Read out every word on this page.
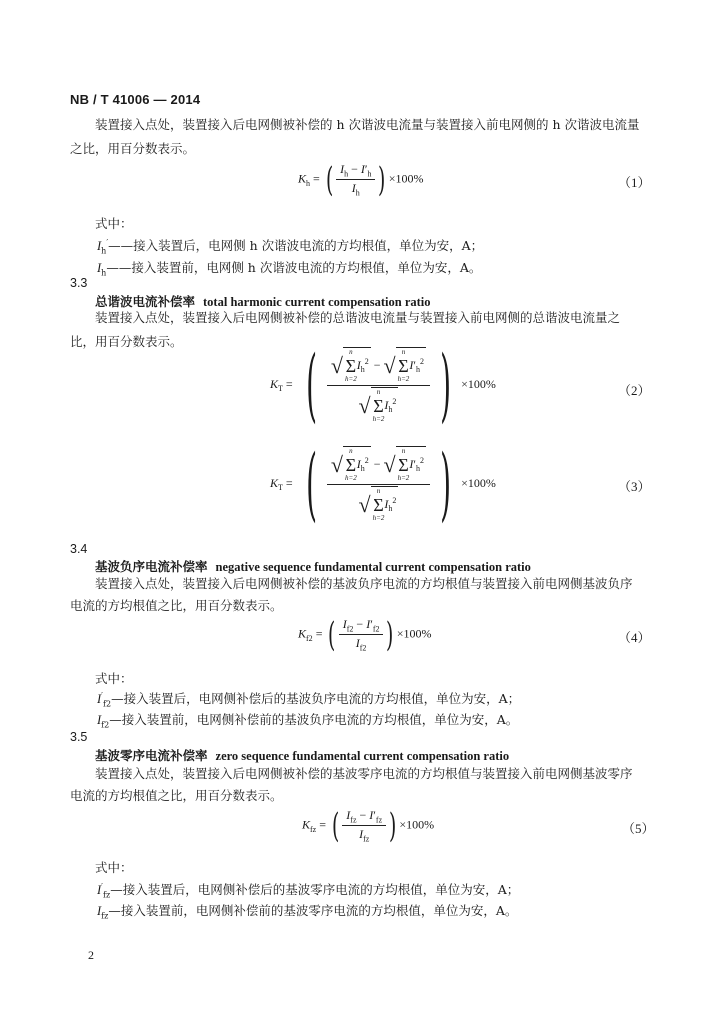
NB / T 41006 — 2014
装置接入点处，装置接入后电网侧被补偿的 h 次谐波电流量与装置接入前电网侧的 h 次谐波电流量
之比，用百分数表示。
$K_h$ = ( $\frac{I_h - I'_h}{I_h}$ ) ×100%	（1）
式中：
$I_h'——$接入装置后，电网侧 h 次谐波电流的方均根值，单位为安，A；
$I_h——$接入装置前，电网侧 h 次谐波电流的方均根值，单位为安，A。
3.3
总谐波电流补偿率 total harmonic current compensation ratio
装置接入点处，装置接入后电网侧被补偿的总谐波电流量与装置接入前电网侧的总谐波电流量之
比，用百分数表示。
$K_T$ = ( √
n
Σ
h=2
$I_h^2$ − √
n
Σ
h=2
$I'_h^2$
√
n
Σ
h=2
$I_h^2$ ) ×100%	（2）
$K_T$ = ( √
n
Σ
h=2
$I_h^2$ − √
n
Σ
h=2
$I'_h^2$
√
n
Σ
h=2
$I_h^2$ ) ×100%	（3）
3.4
基波负序电流补偿率 negative sequence fundamental current compensation ratio
装置接入点处，装置接入后电网侧被补偿的基波负序电流的方均根值与装置接入前电网侧基波负序
电流的方均根值之比，用百分数表示。
$K_{f2}$ = ( $\frac{I_{f2} - I'_{f2}}{I_{f2}}$ ) ×100%	（4）
式中：
$I'_{f2}—$接入装置后，电网侧补偿后的基波负序电流的方均根值，单位为安，A；
$I_{f2}—$接入装置前，电网侧补偿前的基波负序电流的方均根值，单位为安，A。
3.5
基波零序电流补偿率 zero sequence fundamental current compensation ratio
装置接入点处，装置接入后电网侧被补偿的基波零序电流的方均根值与装置接入前电网侧基波零序
电流的方均根值之比，用百分数表示。
$K_{fz}$ = ( $\frac{I_{fz} - I'_{fz}}{I_{fz}}$ ) ×100%	（5）
式中：
$I'_{fz}—$接入装置后，电网侧补偿后的基波零序电流的方均根值，单位为安，A；
$I_{fz}—$接入装置前，电网侧补偿前的基波零序电流的方均根值，单位为安，A。
2
